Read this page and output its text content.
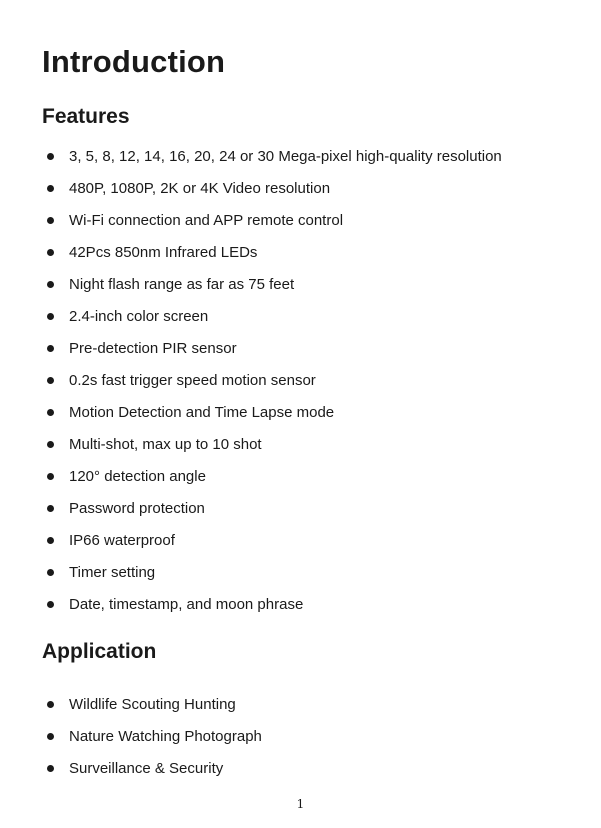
Introduction
Features
3, 5, 8, 12, 14, 16, 20, 24 or 30 Mega-pixel high-quality resolution
480P, 1080P, 2K or 4K Video resolution
Wi-Fi connection and APP remote control
42Pcs 850nm Infrared LEDs
Night flash range as far as 75 feet
2.4-inch color screen
Pre-detection PIR sensor
0.2s fast trigger speed motion sensor
Motion Detection and Time Lapse mode
Multi-shot, max up to 10 shot
120° detection angle
Password protection
IP66 waterproof
Timer setting
Date, timestamp, and moon phrase
Application
Wildlife Scouting Hunting
Nature Watching Photograph
Surveillance & Security
1
